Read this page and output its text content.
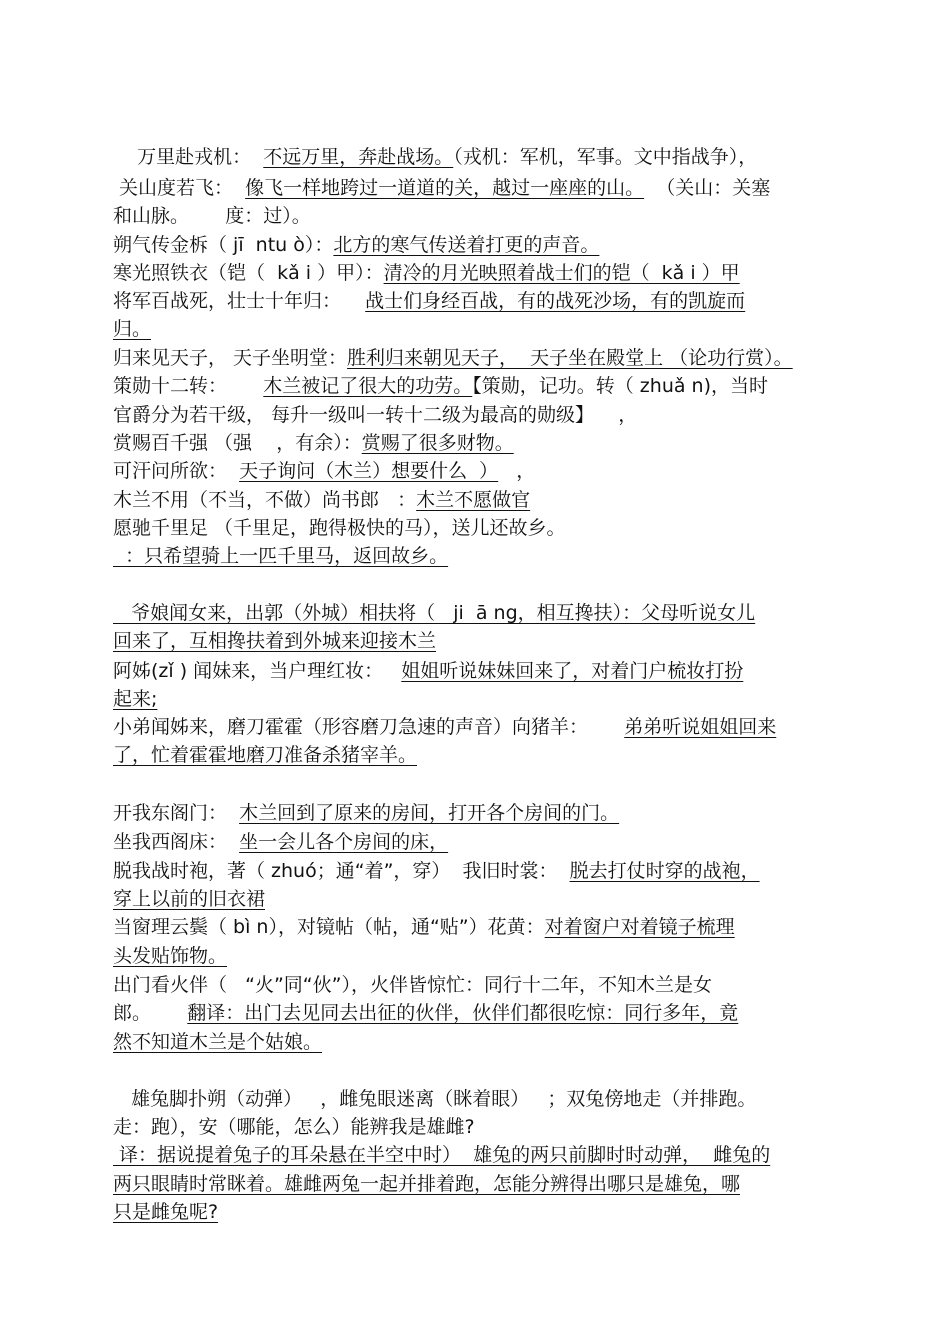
万里赴戎机：  不远万里，奔赴战场。（戎机：军机，军事。文中指战争），
关山度若飞：  像飞一样地跨过一道道的关，越过一座座的山。  （关山：关塞
和山脉。      度：过）。
朔气传金柝（ jī  ntu ò）：北方的寒气传送着打更的声音。
寒光照铁衣（铠（  kǎ i ）甲）：清冷的月光映照着战士们的铠（  kǎ i ）甲
将军百战死，壮士十年归：    战士们身经百战，有的战死沙场，有的凯旋而
归。
归来见天子， 天子坐明堂：胜利归来朝见天子，  天子坐在殿堂上 （论功行赏）。
策勋十二转：      木兰被记了很大的功劳。【策勋，记功。转（ zhuǎ n)，当时
官爵分为若干级， 每升一级叫一转十二级为最高的勋级】    ，
赏赐百千强 （强    ，有余）：赏赐了很多财物。
可汗问所欲：  天子询问（木兰）想要什么  ）   ，
木兰不用（不当，不做）尚书郎   ：木兰不愿做官
愿驰千里足 （千里足，跑得极快的马），送儿还故乡。
：只希望骑上一匹千里马，返回故乡。
爷娘闻女来，出郭（外城）相扶将（   ji  ā ng，相互搀扶）：父母听说女儿
回来了，互相搀扶着到外城来迎接木兰
阿姊(zǐ ) 闻妹来，当户理红妆：   姐姐听说妹妹回来了，对着门户梳妆打扮
起来;
小弟闻姊来，磨刀霍霍（形容磨刀急速的声音）向猪羊：      弟弟听说姐姐回来
了，忙着霍霍地磨刀准备杀猪宰羊。
开我东阁门：  木兰回到了原来的房间，打开各个房间的门。
坐我西阁床：  坐一会儿各个房间的床，
脱我战时袍，著（ zhuó；通“着”，穿）  我旧时裳：  脱去打仗时穿的战袍，
穿上以前的旧衣裙
当窗理云鬓（ bì n），对镜帖（帖，通“贴”）花黄：对着窗户对着镜子梳理
头发贴饰物。
出门看火伴（   “火”同“伙”），火伴皆惊忙：同行十二年，不知木兰是女
郎。      翻译：出门去见同去出征的伙伴，伙伴们都很吃惊：同行多年，竟
然不知道木兰是个姑娘。
雄兔脚扑朔（动弹）   ，雌兔眼迷离（眯着眼）   ；双兔傍地走（并排跑。
走：跑），安（哪能，怎么）能辨我是雄雌?
译：据说提着兔子的耳朵悬在半空中时）  雄兔的两只前脚时时动弹，  雌兔的
两只眼睛时常眯着。雄雌两兔一起并排着跑，怎能分辨得出哪只是雄兔，哪
只是雌兔呢?
